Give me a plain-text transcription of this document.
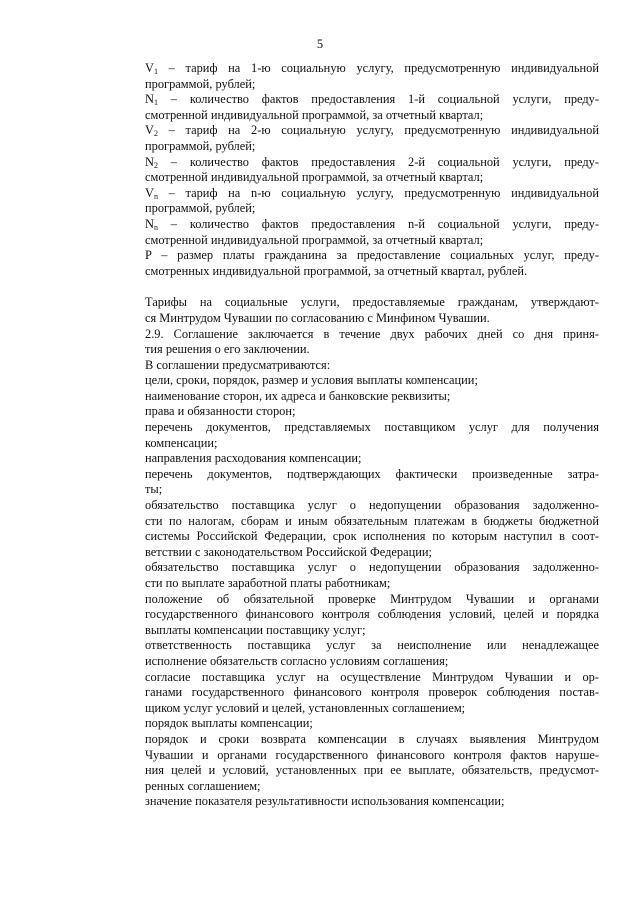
5
$V_1$ – тариф на 1-ю социальную услугу, предусмотренную индивидуальной
программой, рублей;
$N_1$ – количество фактов предоставления 1-й социальной услуги, преду-
смотренной индивидуальной программой, за отчетный квартал;
$V_2$ – тариф на 2-ю социальную услугу, предусмотренную индивидуальной
программой, рублей;
$N_2$ – количество фактов предоставления 2-й социальной услуги, преду-
смотренной индивидуальной программой, за отчетный квартал;
$V_n$ – тариф на n-ю социальную услугу, предусмотренную индивидуальной
программой, рублей;
$N_n$ – количество фактов предоставления n-й социальной услуги, преду-
смотренной индивидуальной программой, за отчетный квартал;
P – размер платы гражданина за предоставление социальных услуг, преду-
смотренных индивидуальной программой, за отчетный квартал, рублей.
Тарифы на социальные услуги, предоставляемые гражданам, утверждают-
ся Минтрудом Чувашии по согласованию с Минфином Чувашии.
2.9. Соглашение заключается в течение двух рабочих дней со дня приня-
тия решения о его заключении.
В соглашении предусматриваются:
цели, сроки, порядок, размер и условия выплаты компенсации;
наименование сторон, их адреса и банковские реквизиты;
права и обязанности сторон;
перечень документов, представляемых поставщиком услуг для получения
компенсации;
направления расходования компенсации;
перечень документов, подтверждающих фактически произведенные затра-
ты;
обязательство поставщика услуг о недопущении образования задолженно-
сти по налогам, сборам и иным обязательным платежам в бюджеты бюджетной
системы Российской Федерации, срок исполнения по которым наступил в соот-
ветствии с законодательством Российской Федерации;
обязательство поставщика услуг о недопущении образования задолженно-
сти по выплате заработной платы работникам;
положение об обязательной проверке Минтрудом Чувашии и органами
государственного финансового контроля соблюдения условий, целей и порядка
выплаты компенсации поставщику услуг;
ответственность поставщика услуг за неисполнение или ненадлежащее
исполнение обязательств согласно условиям соглашения;
согласие поставщика услуг на осуществление Минтрудом Чувашии и ор-
ганами государственного финансового контроля проверок соблюдения постав-
щиком услуг условий и целей, установленных соглашением;
порядок выплаты компенсации;
порядок и сроки возврата компенсации в случаях выявления Минтрудом
Чувашии и органами государственного финансового контроля фактов наруше-
ния целей и условий, установленных при ее выплате, обязательств, предусмот-
ренных соглашением;
значение показателя результативности использования компенсации;
